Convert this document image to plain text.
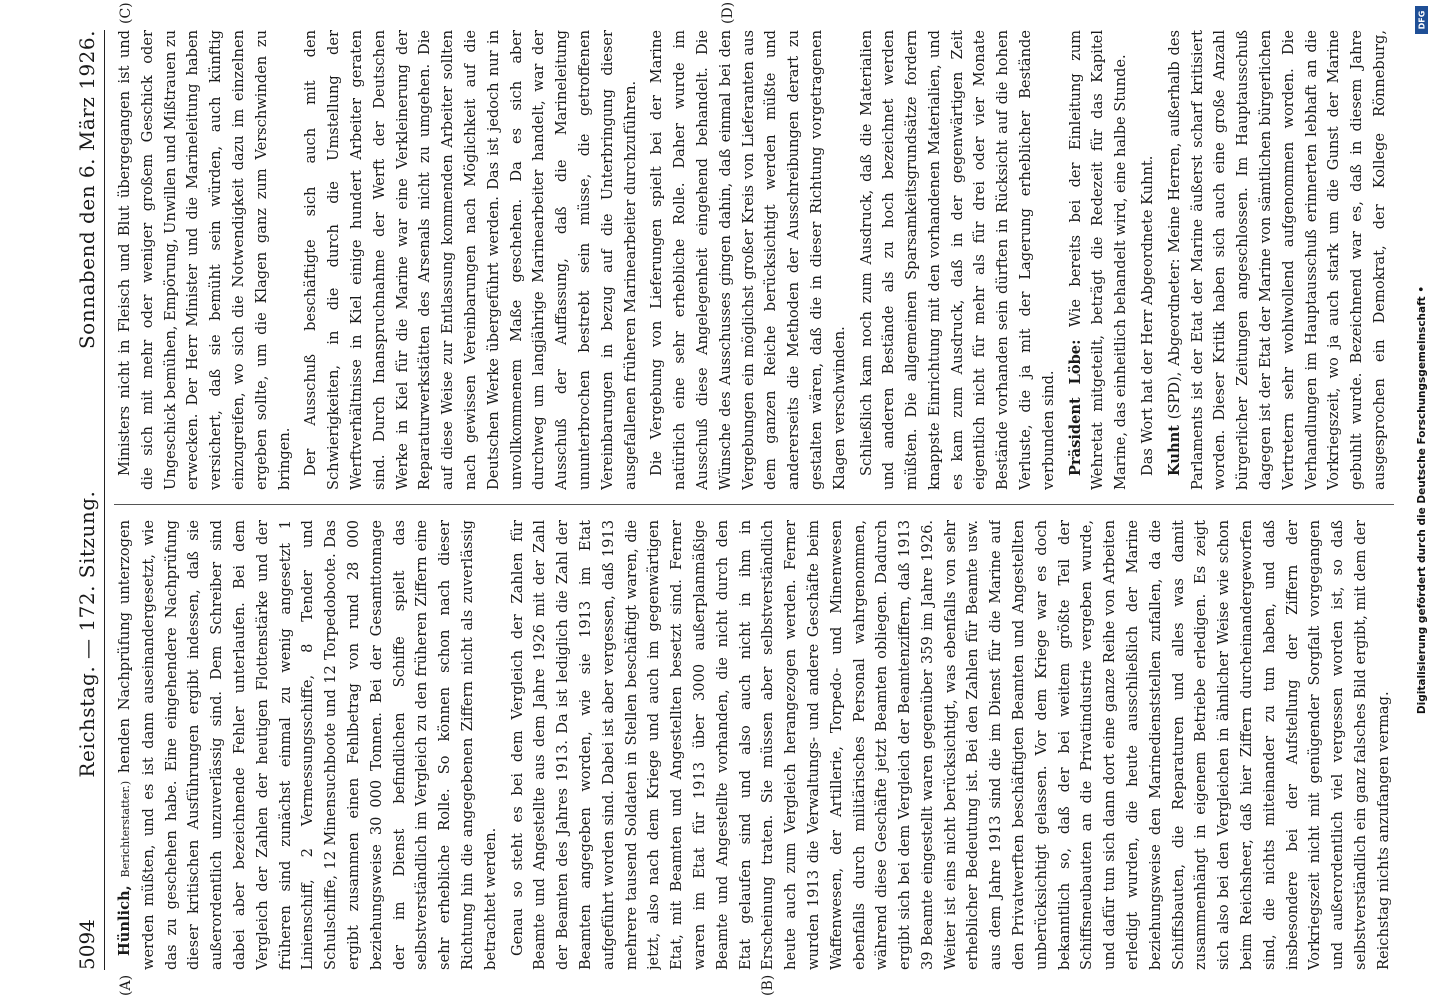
5094
Reichstag. — 172. Sitzung.
Sonnabend den 6. März 1926.
(A)	(B)
(C)	(D)

Hünlich, Berichterstatter.) henden Nachprüfung unterzogen werden müßten, und es ist dann auseinandergesetzt, wie das zu geschehen habe. Eine eingehendere Nachprüfung dieser kritischen Ausführungen ergibt indessen, daß sie außerordentlich unzuverlässig sind. Dem Schreiber sind dabei aber bezeichnende Fehler unterlaufen. Bei dem Vergleich der Zahlen der heutigen Flottenstärke und der früheren sind zunächst einmal zu wenig angesetzt 1 Linienschiff, 2 Vermessungsschiffe, 8 Tender und Schulschiffe, 12 Minensuchboote und 12 Torpedoboote. Das ergibt zusammen einen Fehlbetrag von rund 28 000 beziehungsweise 30 000 Tonnen. Bei der Gesamttonnage der im Dienst befindlichen Schiffe spielt das selbstverständlich im Vergleich zu den früheren Ziffern eine sehr erhebliche Rolle. So können schon nach dieser Richtung hin die angegebenen Ziffern nicht als zuverlässig betrachtet werden. Genau so steht es bei dem Vergleich der Zahlen für Beamte und Angestellte aus dem Jahre 1926 mit der Zahl der Beamten des Jahres 1913. Da ist lediglich die Zahl der Beamten angegeben worden, wie sie 1913 im Etat aufgeführt worden sind. Dabei ist aber vergessen, daß 1913 mehrere tausend Soldaten in Stellen beschäftigt waren, die jetzt, also nach dem Kriege und auch im gegenwärtigen Etat, mit Beamten und Angestellten besetzt sind. Ferner waren im Etat für 1913 über 3000 außerplanmäßige Beamte und Angestellte vorhanden, die nicht durch den Etat gelaufen sind und also auch nicht in ihm in Erscheinung traten. Sie müssen aber selbstverständlich heute auch zum Vergleich herangezogen werden. Ferner wurden 1913 die Verwaltungs- und andere Geschäfte beim Waffenwesen, der Artillerie, Torpedo- und Minenwesen ebenfalls durch militärisches Personal wahrgenommen, während diese Geschäfte jetzt Beamten obliegen. Dadurch ergibt sich bei dem Vergleich der Beamtenziffern, daß 1913 39 Beamte eingestellt waren gegenüber 359 im Jahre 1926. Weiter ist eins nicht berücksichtigt, was ebenfalls von sehr erheblicher Bedeutung ist. Bei den Zahlen für Beamte usw. aus dem Jahre 1913 sind die im Dienst für die Marine auf den Privatwerften beschäftigten Beamten und Angestellten unberücksichtigt gelassen. Vor dem Kriege war es doch bekanntlich so, daß der bei weitem größte Teil der Schiffsneubauten an die Privatindustrie vergeben wurde, und dafür tun sich dann dort eine ganze Reihe von Arbeiten erledigt wurden, die heute ausschließlich der Marine beziehungsweise den Marinedienststellen zufallen, da die Schiffsbauten, die Reparaturen und alles was damit zusammenhängt in eigenem Betriebe erledigen. Es zeigt sich also bei den Vergleichen in ähnlicher Weise wie schon beim Reichsheer, daß hier Ziffern durcheinandergeworfen sind, die nichts miteinander zu tun haben, und daß insbesondere bei der Aufstellung der Ziffern der Vorkriegszeit nicht mit genügender Sorgfalt vorgegangen und außerordentlich viel vergessen worden ist, so daß selbstverständlich ein ganz falsches Bild ergibt, mit dem der Reichstag nichts anzufangen vermag.

Ministers nicht in Fleisch und Blut übergegangen ist und die sich mit mehr oder weniger großem Geschick oder Ungeschick bemühen, Empörung, Unwillen und Mißtrauen zu erwecken. Der Herr Minister und die Marineleitung haben versichert, daß sie bemüht sein würden, auch künftig einzugreifen, wo sich die Notwendigkeit dazu im einzelnen ergeben sollte, um die Klagen ganz zum Verschwinden zu bringen. Der Ausschuß beschäftigte sich auch mit den Schwierigkeiten, in die durch die Umstellung der Werftverhältnisse in Kiel einige hundert Arbeiter geraten sind. Durch Inanspruchnahme der Werft der Deutschen Werke in Kiel für die Marine war eine Verkleinerung der Reparaturwerkstätten des Arsenals nicht zu umgehen. Die auf diese Weise zur Entlassung kommenden Arbeiter sollten nach gewissen Vereinbarungen nach Möglichkeit auf die Deutschen Werke übergeführt werden. Das ist jedoch nur in unvollkommenem Maße geschehen. Da es sich aber durchweg um langjährige Marinearbeiter handelt, war der Ausschuß der Auffassung, daß die Marineleitung ununterbrochen bestrebt sein müsse, die getroffenen Vereinbarungen in bezug auf die Unterbringung dieser ausgefallenen früheren Marinearbeiter durchzuführen. Die Vergebung von Lieferungen spielt bei der Marine natürlich eine sehr erhebliche Rolle. Daher wurde im Ausschuß diese Angelegenheit eingehend behandelt. Die Wünsche des Ausschusses gingen dahin, daß einmal bei den Vergebungen ein möglichst großer Kreis von Lieferanten aus dem ganzen Reiche berücksichtigt werden müßte und andererseits die Methoden der Ausschreibungen derart zu gestalten wären, daß die in dieser Richtung vorgetragenen Klagen verschwinden. Schließlich kam noch zum Ausdruck, daß die Materialien und anderen Bestände als zu hoch bezeichnet werden müßten. Die allgemeinen Sparsamkeitsgrundsätze fordern knappste Einrichtung mit den vorhandenen Materialien, und es kam zum Ausdruck, daß in der gegenwärtigen Zeit eigentlich nicht für mehr als für drei oder vier Monate Bestände vorhanden sein dürften in Rücksicht auf die hohen Verluste, die ja mit der Lagerung erheblicher Bestände verbunden sind. Präsident Löbe: Wie bereits bei der Einleitung zum Wehretat mitgeteilt, beträgt die Redezeit für das Kapitel Marine, das einheitlich behandelt wird, eine halbe Stunde. Das Wort hat der Herr Abgeordnete Kuhnt. Kuhnt (SPD), Abgeordneter: Meine Herren, außerhalb des Parlaments ist der Etat der Marine äußerst scharf kritisiert worden. Dieser Kritik haben sich auch eine große Anzahl bürgerlicher Zeitungen angeschlossen. Im Hauptausschuß dagegen ist der Etat der Marine von sämtlichen bürgerlichen Vertretern sehr wohlwollend aufgenommen worden. Die Verhandlungen im Hauptausschuß erinnerten lebhaft an die Vorkriegszeit, wo ja auch stark um die Gunst der Marine gebuhlt wurde. Bezeichnend war es, daß in diesem Jahre ausgesprochen ein Demokrat, der Kollege Rönneburg,

Digitalisierung gefördert durch die Deutsche Forschungsgemeinschaft •
DFG
